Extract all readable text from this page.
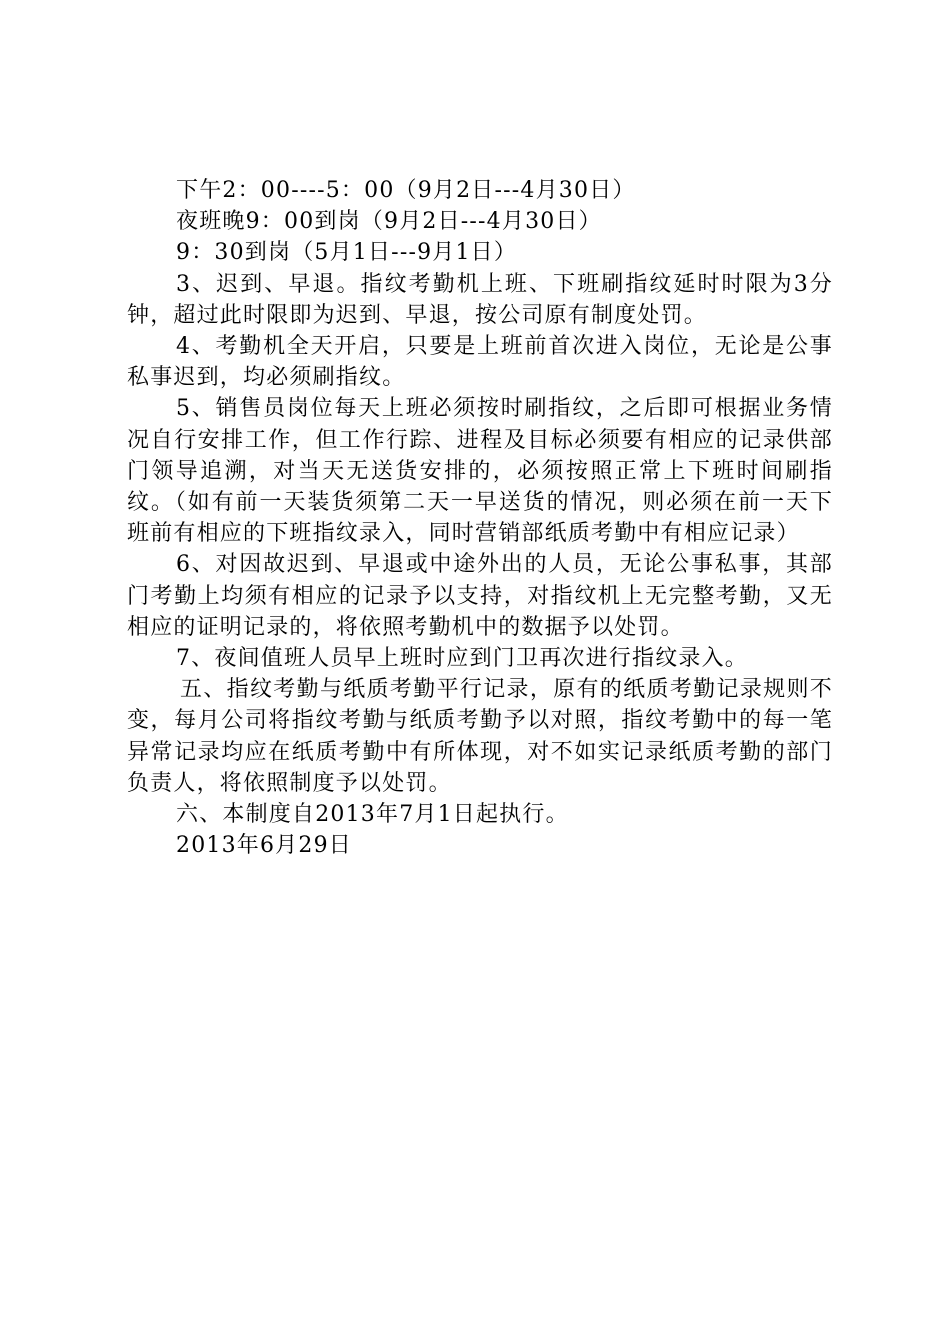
下午2：00----5：00（9月2日---4月30日）

夜班晚9：00到岗（9月2日---4月30日）

9：30到岗（5月1日---9月1日）

3、迟到、早退。指纹考勤机上班、下班刷指纹延时时限为3分钟，超过此时限即为迟到、早退，按公司原有制度处罚。

4、考勤机全天开启，只要是上班前首次进入岗位，无论是公事私事迟到，均必须刷指纹。

5、销售员岗位每天上班必须按时刷指纹，之后即可根据业务情况自行安排工作，但工作行踪、进程及目标必须要有相应的记录供部门领导追溯，对当天无送货安排的，必须按照正常上下班时间刷指纹。（如有前一天装货须第二天一早送货的情况，则必须在前一天下班前有相应的下班指纹录入，同时营销部纸质考勤中有相应记录）

6、对因故迟到、早退或中途外出的人员，无论公事私事，其部门考勤上均须有相应的记录予以支持，对指纹机上无完整考勤，又无相应的证明记录的，将依照考勤机中的数据予以处罚。

7、夜间值班人员早上班时应到门卫再次进行指纹录入。

五、指纹考勤与纸质考勤平行记录，原有的纸质考勤记录规则不变，每月公司将指纹考勤与纸质考勤予以对照，指纹考勤中的每一笔异常记录均应在纸质考勤中有所体现，对不如实记录纸质考勤的部门负责人，将依照制度予以处罚。

六、本制度自2013年7月1日起执行。

2013年6月29日
